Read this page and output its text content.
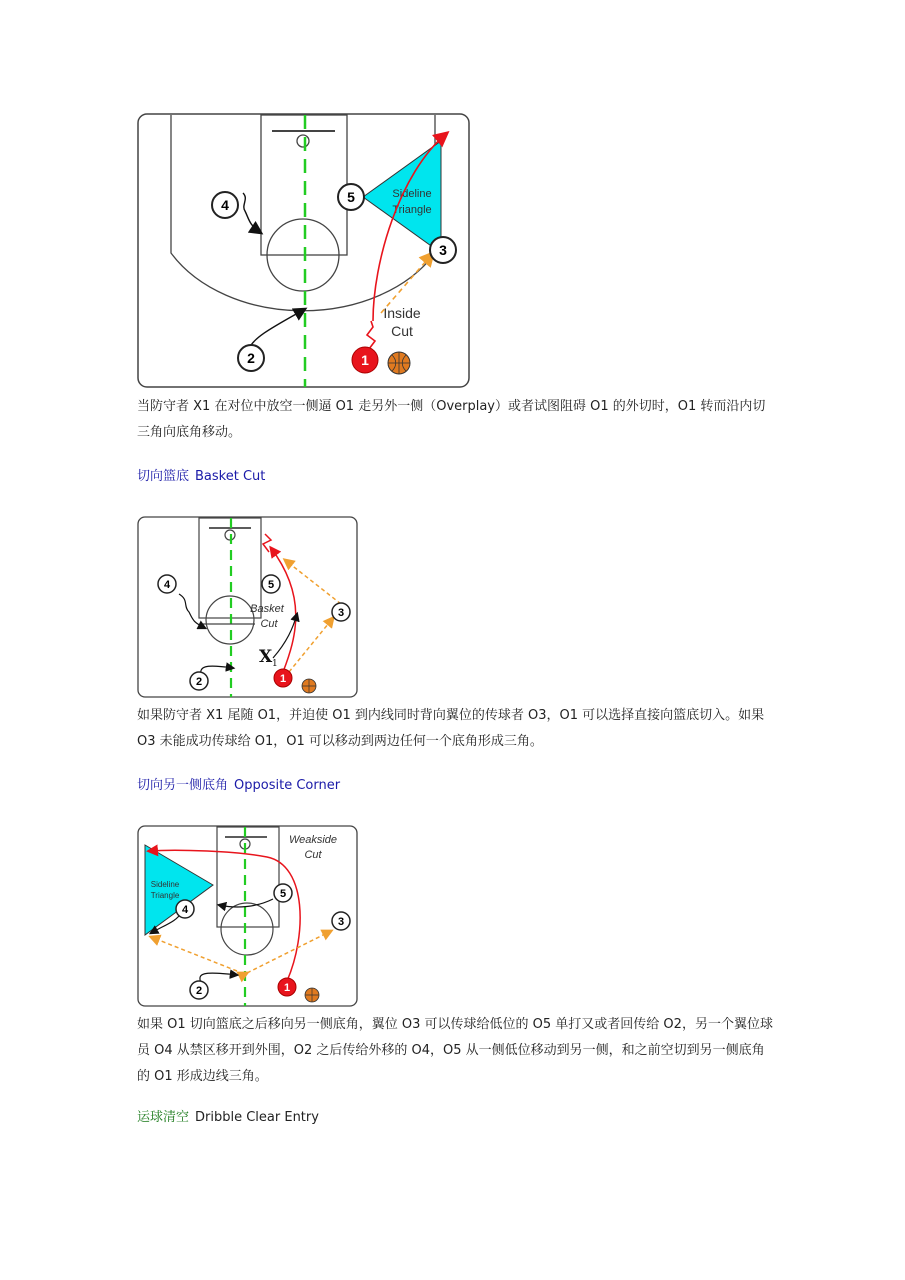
Sideline
Triangle
Inside
Cut
4	5
3
2	1
当防守者 X1 在对位中放空一侧逼 O1 走另外一侧（Overplay）或者试图阻碍 O1 的外切时，O1 转而沿内切三角向底角移动。
切向篮底 Basket Cut
Basket
Cut
X 1
4	5
3
2	1
如果防守者 X1 尾随 O1，并迫使 O1 到内线同时背向翼位的传球者 O3，O1 可以选择直接向篮底切入。如果 O3 未能成功传球给 O1，O1 可以移动到两边任何一个底角形成三角。
切向另一侧底角 Opposite Corner
Sideline
Triangle
Weakside
Cut
5
4
3
2	1
如果 O1 切向篮底之后移向另一侧底角，翼位 O3 可以传球给低位的 O5 单打又或者回传给 O2，另一个翼位球员 O4 从禁区移开到外围，O2 之后传给外移的 O4，O5 从一侧低位移动到另一侧，和之前空切到另一侧底角的 O1 形成边线三角。
运球清空 Dribble Clear Entry
